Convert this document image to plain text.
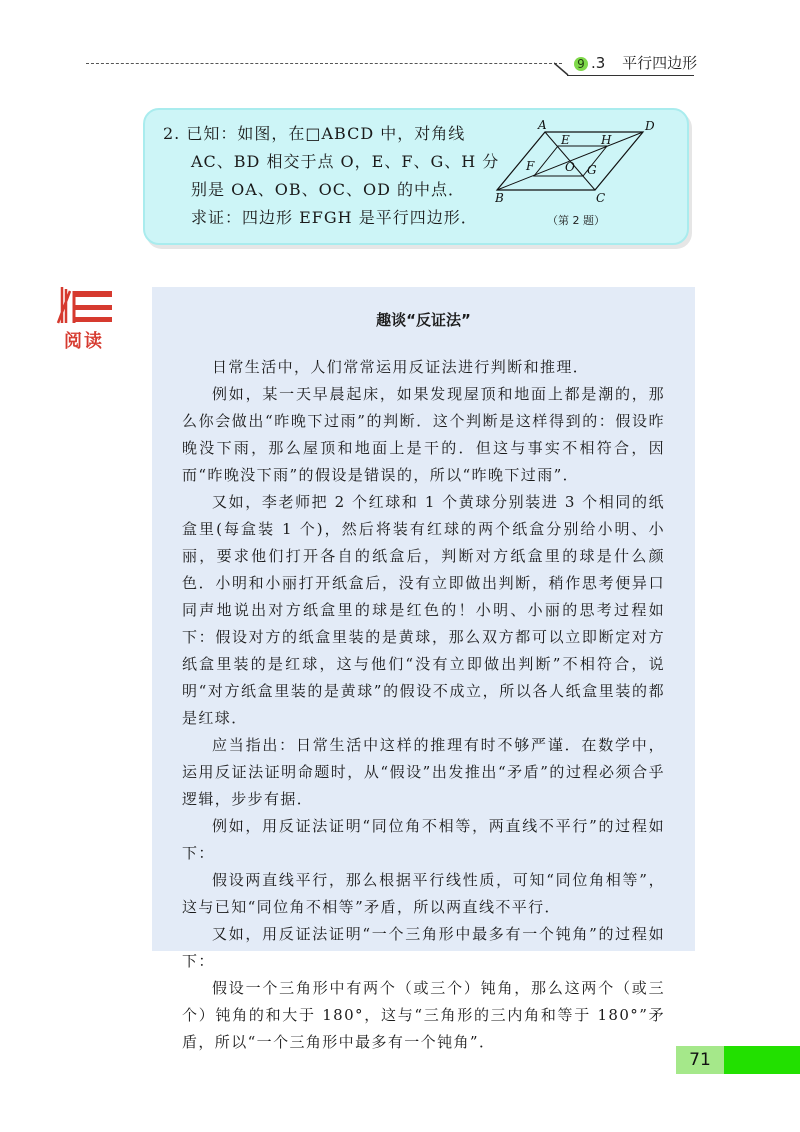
9 .3 平行四边形

2. 已知：如图，在□ABCD 中，对角线

AC、BD 相交于点 O，E、F、G、H 分

别是 OA、OB、OC、OD 的中点．

求证：四边形 EFGH 是平行四边形．

A	D
E	H
F	O G
B	C
（第 2 题）
阅读
趣谈“反证法”

日常生活中，人们常常运用反证法进行判断和推理．

例如，某一天早晨起床，如果发现屋顶和地面上都是潮的，那么你会做出“昨晚下过雨”的判断．这个判断是这样得到的：假设昨晚没下雨，那么屋顶和地面上是干的．但这与事实不相符合，因而“昨晚没下雨”的假设是错误的，所以“昨晚下过雨”．

又如，李老师把 2 个红球和 1 个黄球分别装进 3 个相同的纸盒里(每盒装 1 个)，然后将装有红球的两个纸盒分别给小明、小丽，要求他们打开各自的纸盒后，判断对方纸盒里的球是什么颜色．小明和小丽打开纸盒后，没有立即做出判断，稍作思考便异口同声地说出对方纸盒里的球是红色的！小明、小丽的思考过程如下：假设对方的纸盒里装的是黄球，那么双方都可以立即断定对方纸盒里装的是红球，这与他们“没有立即做出判断”不相符合，说明“对方纸盒里装的是黄球”的假设不成立，所以各人纸盒里装的都是红球．

应当指出：日常生活中这样的推理有时不够严谨．在数学中，运用反证法证明命题时，从“假设”出发推出“矛盾”的过程必须合乎逻辑，步步有据．

例如，用反证法证明“同位角不相等，两直线不平行”的过程如下：

假设两直线平行，那么根据平行线性质，可知“同位角相等”，这与已知“同位角不相等”矛盾，所以两直线不平行．

又如，用反证法证明“一个三角形中最多有一个钝角”的过程如下：

假设一个三角形中有两个（或三个）钝角，那么这两个（或三个）钝角的和大于 180°，这与“三角形的三内角和等于 180°”矛盾，所以“一个三角形中最多有一个钝角”．

71
